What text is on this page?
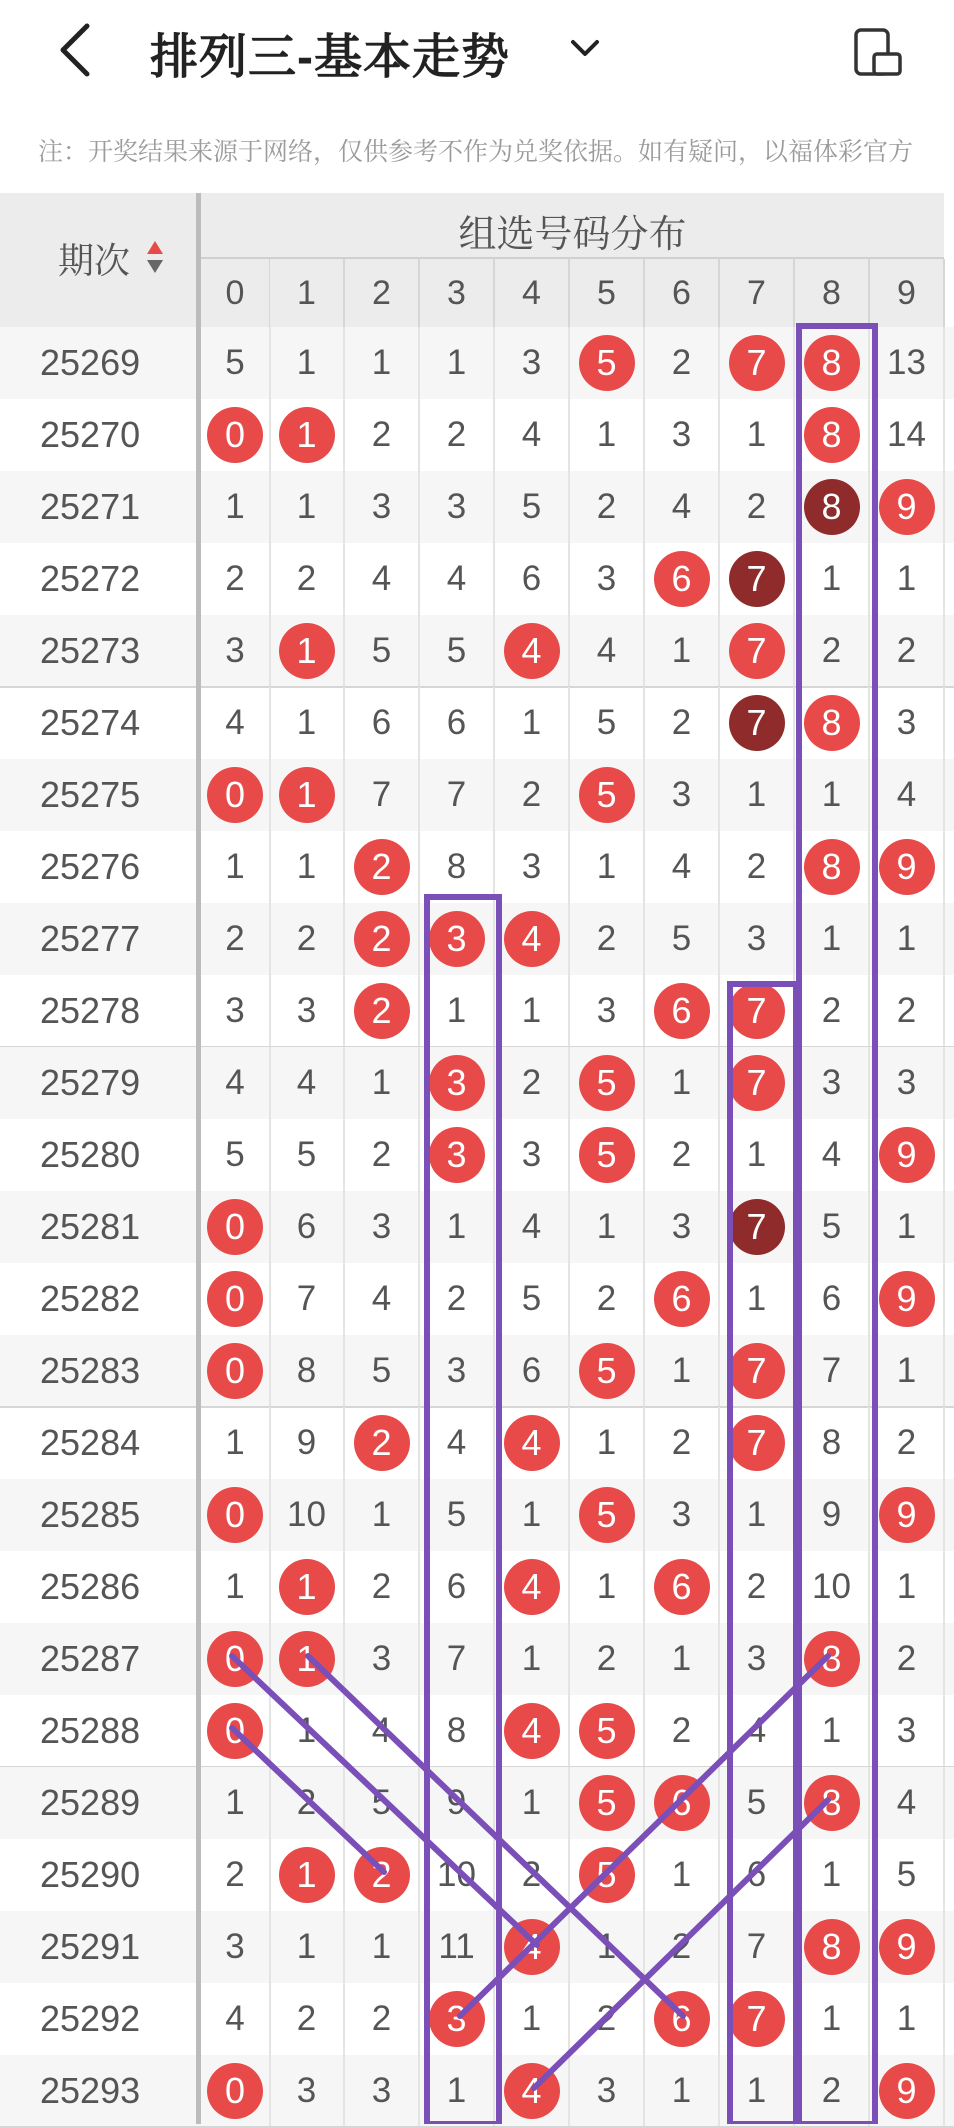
排列三-基本走势
注：开奖结果来源于网络，仅供参考不作为兑奖依据。如有疑问，以福体彩官方
期次
组选号码分布
0	1	2	3	4	5	6	7	8	9
25269	5	1	1	1	3	5	2	7	8	13
25270	0	1	2	2	4	1	3	1	8	14
25271	1	1	3	3	5	2	4	2	8	9
25272	2	2	4	4	6	3	6	7	1	1
25273	3	1	5	5	4	4	1	7	2	2
25274	4	1	6	6	1	5	2	7	8	3
25275	0	1	7	7	2	5	3	1	1	4
25276	1	1	2	8	3	1	4	2	8	9
25277	2	2	2	3	4	2	5	3	1	1
25278	3	3	2	1	1	3	6	7	2	2
25279	4	4	1	3	2	5	1	7	3	3
25280	5	5	2	3	3	5	2	1	4	9
25281	0	6	3	1	4	1	3	7	5	1
25282	0	7	4	2	5	2	6	1	6	9
25283	0	8	5	3	6	5	1	7	7	1
25284	1	9	2	4	4	1	2	7	8	2
25285	0	10	1	5	1	5	3	1	9	9
25286	1	1	2	6	4	1	6	2	10	1
25287	0	1	3	7	1	2	1	3	8	2
25288	0	1	4	8	4	5	2	4	1	3
25289	1	2	5	9	1	5	6	5	8	4
25290	2	1	2	10	2	5	1	6	1	5
25291	3	1	1	11	4	1	2	7	8	9
25292	4	2	2	3	1	2	6	7	1	1
25293	0	3	3	1	4	3	1	1	2	9
